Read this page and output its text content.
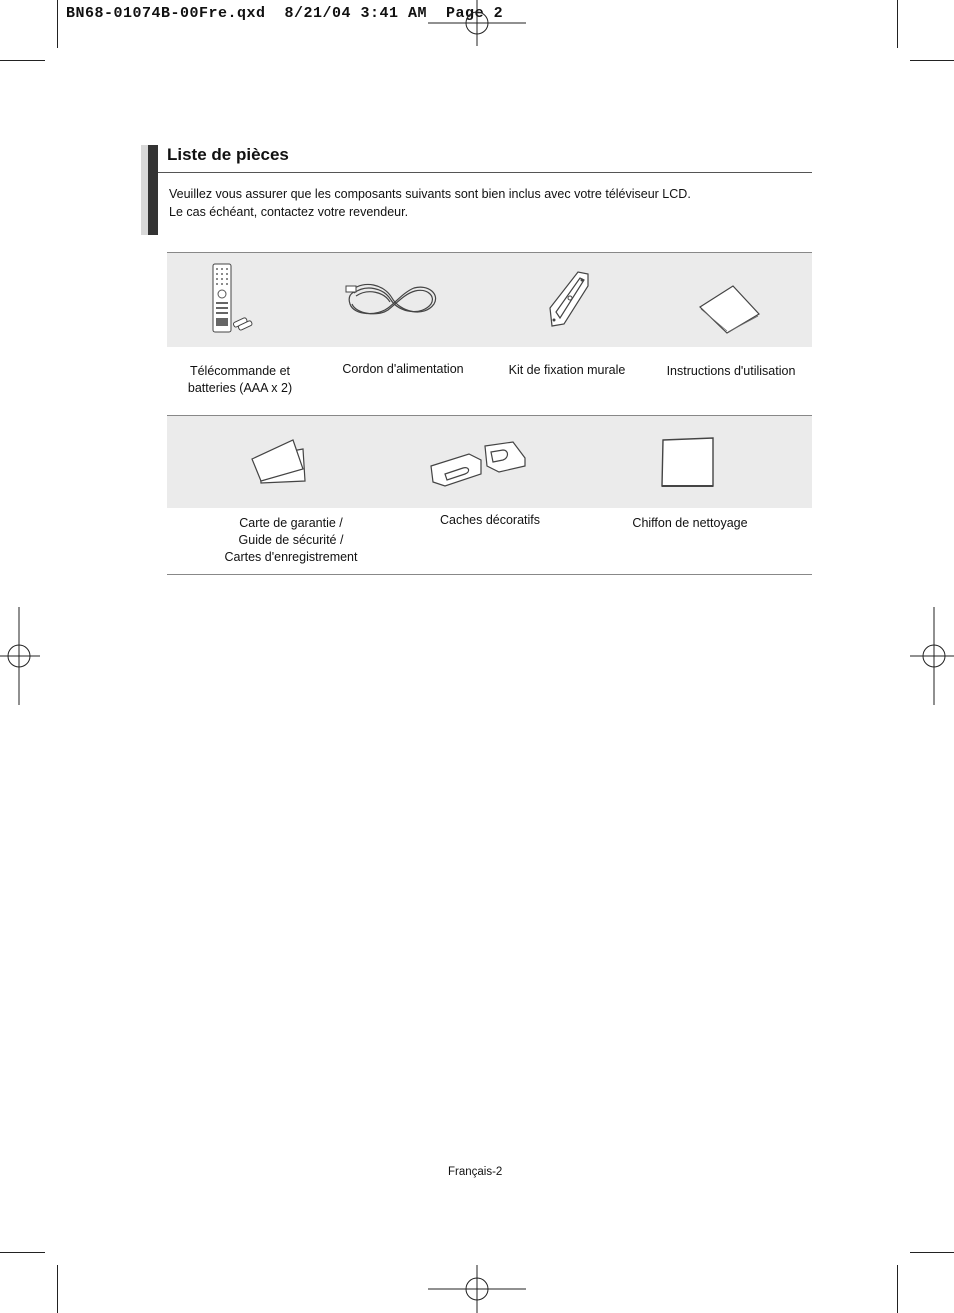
BN68-01074B-00Fre.qxd  8/21/04 3:41 AM  Page 2
Liste de pièces
Veuillez vous assurer que les composants suivants sont bien inclus avec votre téléviseur LCD.
Le cas échéant, contactez votre revendeur.
Télécommande et
batteries (AAA x 2)
Cordon d'alimentation	Kit de fixation murale	Instructions d'utilisation
Carte de garantie /
Guide de sécurité /
Cartes d'enregistrement
Caches décoratifs	Chiffon de nettoyage
Français-2
